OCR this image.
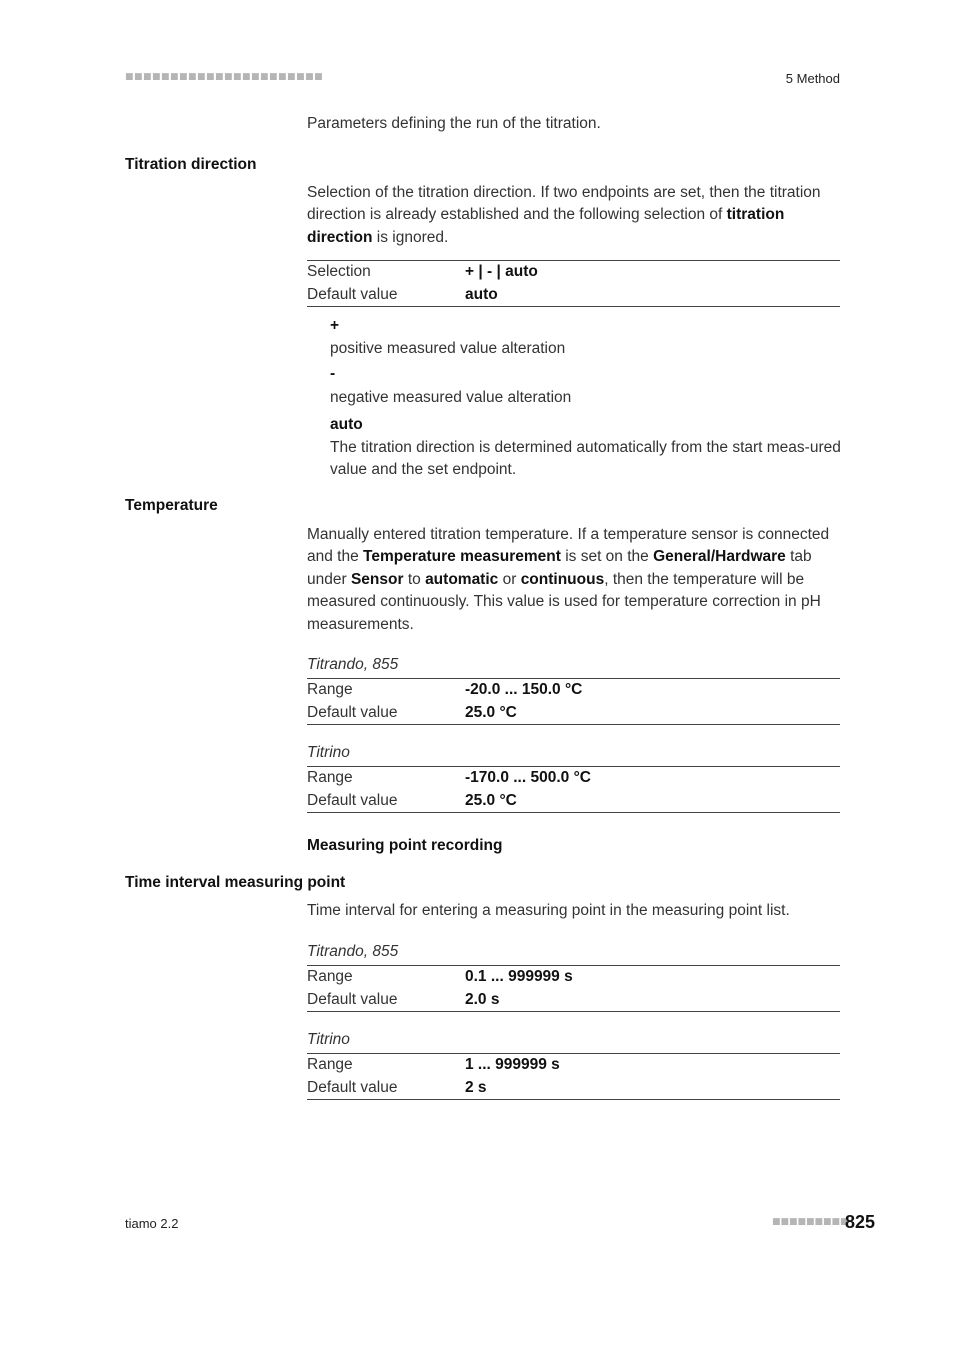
■■■■■■■■■■■■■■■■■■■■■■	5 Method
Parameters defining the run of the titration.
Titration direction
Selection of the titration direction. If two endpoints are set, then the titration direction is already established and the following selection of titration direction is ignored.
Selection	+ | - | auto
Default value	auto
+
positive measured value alteration
-
negative measured value alteration
auto
The titration direction is determined automatically from the start meas-ured value and the set endpoint.
Temperature
Manually entered titration temperature. If a temperature sensor is connected and the Temperature measurement is set on the General/Hardware tab under Sensor to automatic or continuous, then the temperature will be measured continuously. This value is used for temperature correction in pH measurements.
Titrando, 855
Range	-20.0 ... 150.0 °C
Default value	25.0 °C
Titrino
Range	-170.0 ... 500.0 °C
Default value	25.0 °C
Measuring point recording
Time interval measuring point
Time interval for entering a measuring point in the measuring point list.
Titrando, 855
Range	0.1 ... 999999 s
Default value	2.0 s
Titrino
Range	1 ... 999999 s
Default value	2 s
tiamo 2.2	■■■■■■■■■
825
